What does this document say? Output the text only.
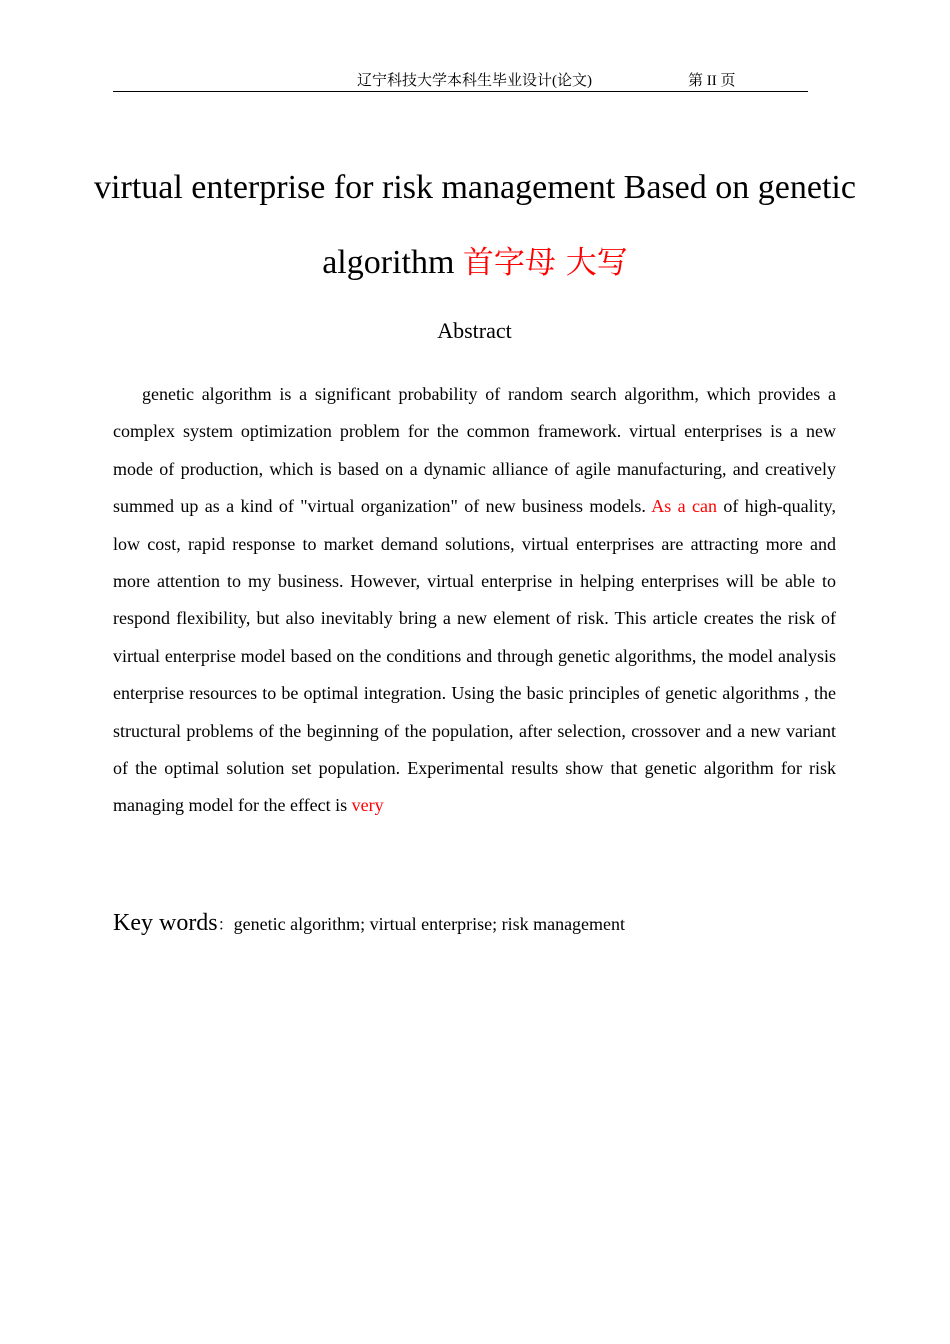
辽宁科技大学本科生毕业设计(论文)	第 II 页
virtual enterprise for risk management Based on genetic algorithm 首字母 大写
Abstract

genetic algorithm is a significant probability of random search algorithm, which provides a complex system optimization problem for the common framework. virtual enterprises is a new mode of production, which is based on a dynamic alliance of agile manufacturing, and creatively summed up as a kind of "virtual organization" of new business models. As a can of high-quality, low cost, rapid response to market demand solutions, virtual enterprises are attracting more and more attention to my business. However, virtual enterprise in helping enterprises will be able to respond flexibility, but also inevitably bring a new element of risk. This article creates the risk of virtual enterprise model based on the conditions and through genetic algorithms, the model analysis enterprise resources to be optimal integration. Using the basic principles of genetic algorithms , the structural problems of the beginning of the population, after selection, crossover and a new variant of the optimal solution set population. Experimental results show that genetic algorithm for risk managing model for the effect is very

Key words：genetic algorithm; virtual enterprise; risk management
